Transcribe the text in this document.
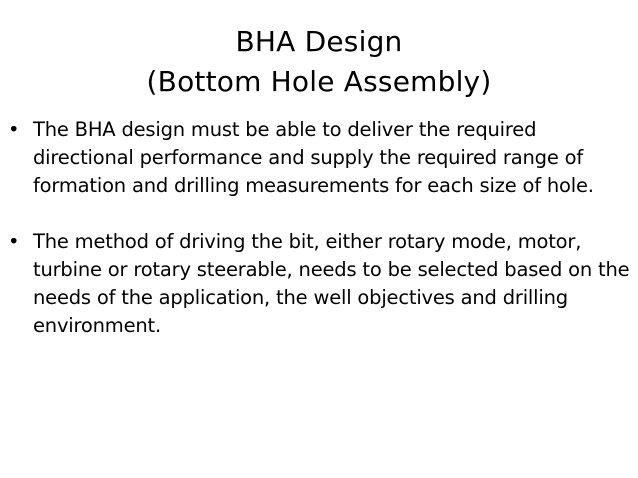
BHA Design
(Bottom Hole Assembly)
• The BHA design must be able to deliver the required directional performance and supply the required range of formation and drilling measurements for each size of hole.
• The method of driving the bit, either rotary mode, motor, turbine or rotary steerable, needs to be selected based on the needs of the application, the well objectives and drilling environment.
